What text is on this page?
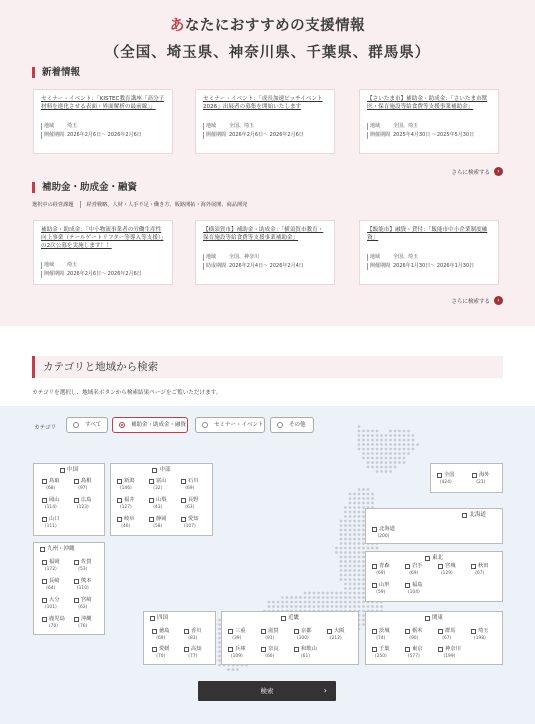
あなたにおすすめの支援情報
（全国、埼玉県、神奈川県、千葉県、群馬県）
新着情報
セミナー・イベント：「KISTEC教育講座「高分子材料を進化させる表面・界面解析の最前線」」
地域	埼玉
開催期間 2026年2月6日～ 2026年2月6日
セミナー・イベント：「成長加速ピッチイベント2026」出展者の募集を開始いたします
地域	全国、埼玉
開催期間 2026年2月6日～ 2026年2月6日
【さいたま市】補助金・助成金：「さいたま市獣医・保育施設等給食費等支援事業補助金」
地域	全国、埼玉
開催期間 2025年4月30日 ～2025年5月30日
さらに検索する	›
補助金・助成金・融資
選択中の経営課題	経営戦略、人材・人手不足・働き方、販路開拓・海外展開、商品開発
補助金・助成金：「中小物流事業者の労働生産性向上事業（テールゲートリフター等導入等支援）」の2次公募を実施します！！
地域	埼玉
開催期間 2026年2月6日～ 2026年2月6日
【横須賀市】補助金・助成金：「横須賀市教育・保育施設等給食費等支援事業補助金」
地域	全国、神奈川
助成期間 2026年2月4日～ 2026年2月4日
【飯能市】融資・貸付：「飯能市中小企業制度融資」
地域	全国、埼玉
開催期間 2026年1月30日～ 2026年1月30日
さらに検索する	›
カテゴリと地域から検索
カテゴリを選択し、地域名ボタンから検索結果ページをご覧いただけます。
カテゴリ	すべて	補助金・助成金・融資	セミナー・イベント	その他
全国
(424)
海外
(21)
北海道
北海道
(200)
東北
青森
(69)
岩手
(69)
宮城
(129)
秋田
(67)
山形
(59)
福島
(104)
関東
茨城
(74)
栃木
(90)
群馬
(67)
埼玉
(198)
千葉
(250)
東京
(577)
神奈川
(199)
中部
新潟
(146)
富山
(32)
石川
(69)
福井
(127)
山梨
(43)
長野
(63)
岐阜
(46)
静岡
(58)
愛知
(107)
中国
鳥取
(68)
島根
(97)
岡山
(114)
広島
(123)
山口
(111)
九州・沖縄
福岡
(172)
佐賀
(53)
長崎
(64)
熊本
(110)
大分
(101)
宮崎
(63)
鹿児島
(70)
沖縄
(76)
四国
徳島
(69)
香川
(83)
愛媛
(70)
高知
(77)
近畿
三重
(39)
滋賀
(91)
京都
(100)
大阪
(212)
兵庫
(109)
奈良
(66)
和歌山
(61)
検索	›
